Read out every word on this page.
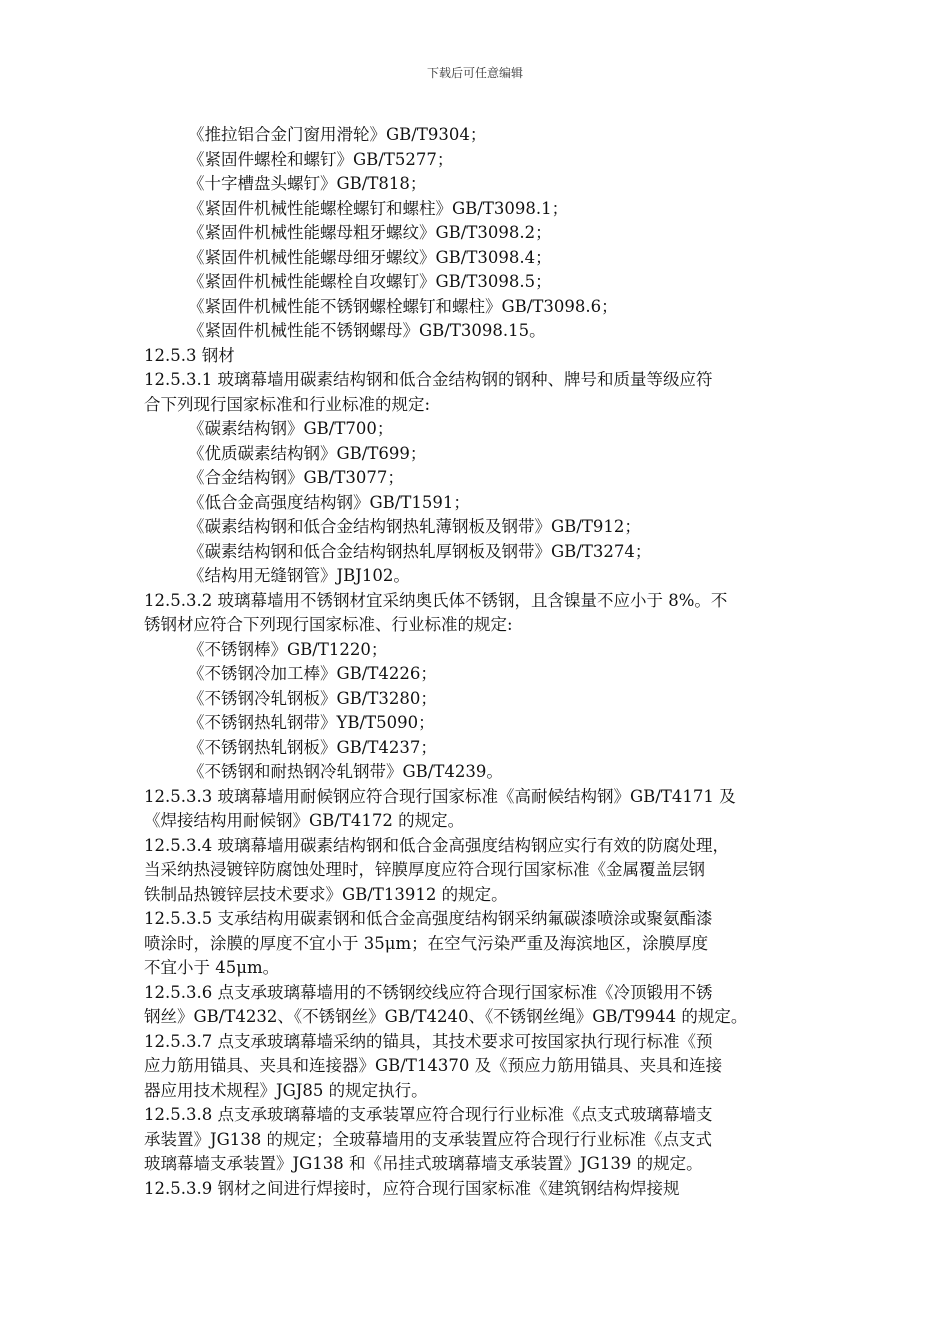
下载后可任意编辑
《推拉铝合金门窗用滑轮》GB/T9304；
《紧固件螺栓和螺钉》GB/T5277；
《十字槽盘头螺钉》GB/T818；
《紧固件机械性能螺栓螺钉和螺柱》GB/T3098.1；
《紧固件机械性能螺母粗牙螺纹》GB/T3098.2；
《紧固件机械性能螺母细牙螺纹》GB/T3098.4；
《紧固件机械性能螺栓自攻螺钉》GB/T3098.5；
《紧固件机械性能不锈钢螺栓螺钉和螺柱》GB/T3098.6；
《紧固件机械性能不锈钢螺母》GB/T3098.15。
12.5.3 钢材
12.5.3.1 玻璃幕墙用碳素结构钢和低合金结构钢的钢种、牌号和质量等级应符
合下列现行国家标准和行业标准的规定:
《碳素结构钢》GB/T700；
《优质碳素结构钢》GB/T699；
《合金结构钢》GB/T3077；
《低合金高强度结构钢》GB/T1591；
《碳素结构钢和低合金结构钢热轧薄钢板及钢带》GB/T912；
《碳素结构钢和低合金结构钢热轧厚钢板及钢带》GB/T3274；
《结构用无缝钢管》JBJ102。
12.5.3.2 玻璃幕墙用不锈钢材宜采纳奥氏体不锈钢，且含镍量不应小于 8%。不
锈钢材应符合下列现行国家标准、行业标准的规定:
《不锈钢棒》GB/T1220；
《不锈钢冷加工棒》GB/T4226；
《不锈钢冷轧钢板》GB/T3280；
《不锈钢热轧钢带》YB/T5090；
《不锈钢热轧钢板》GB/T4237；
《不锈钢和耐热钢冷轧钢带》GB/T4239。
12.5.3.3 玻璃幕墙用耐候钢应符合现行国家标准《高耐候结构钢》GB/T4171 及
《焊接结构用耐候钢》GB/T4172 的规定。
12.5.3.4 玻璃幕墙用碳素结构钢和低合金高强度结构钢应实行有效的防腐处理，
当采纳热浸镀锌防腐蚀处理时，锌膜厚度应符合现行国家标准《金属覆盖层钢
铁制品热镀锌层技术要求》GB/T13912 的规定。
12.5.3.5 支承结构用碳素钢和低合金高强度结构钢采纳氟碳漆喷涂或聚氨酯漆
喷涂时，涂膜的厚度不宜小于 35μm；在空气污染严重及海滨地区，涂膜厚度
不宜小于 45μm。
12.5.3.6 点支承玻璃幕墙用的不锈钢绞线应符合现行国家标准《冷顶锻用不锈
钢丝》GB/T4232、《不锈钢丝》GB/T4240、《不锈钢丝绳》GB/T9944 的规定。
12.5.3.7 点支承玻璃幕墙采纳的锚具，其技术要求可按国家执行现行标准《预
应力筋用锚具、夹具和连接器》GB/T14370 及《预应力筋用锚具、夹具和连接
器应用技术规程》JGJ85 的规定执行。
12.5.3.8 点支承玻璃幕墙的支承装罩应符合现行行业标准《点支式玻璃幕墙支
承装置》JG138 的规定；全玻幕墙用的支承装置应符合现行行业标准《点支式
玻璃幕墙支承装置》JG138 和《吊挂式玻璃幕墙支承装置》JG139 的规定。
12.5.3.9 钢材之间进行焊接时，应符合现行国家标准《建筑钢结构焊接规
